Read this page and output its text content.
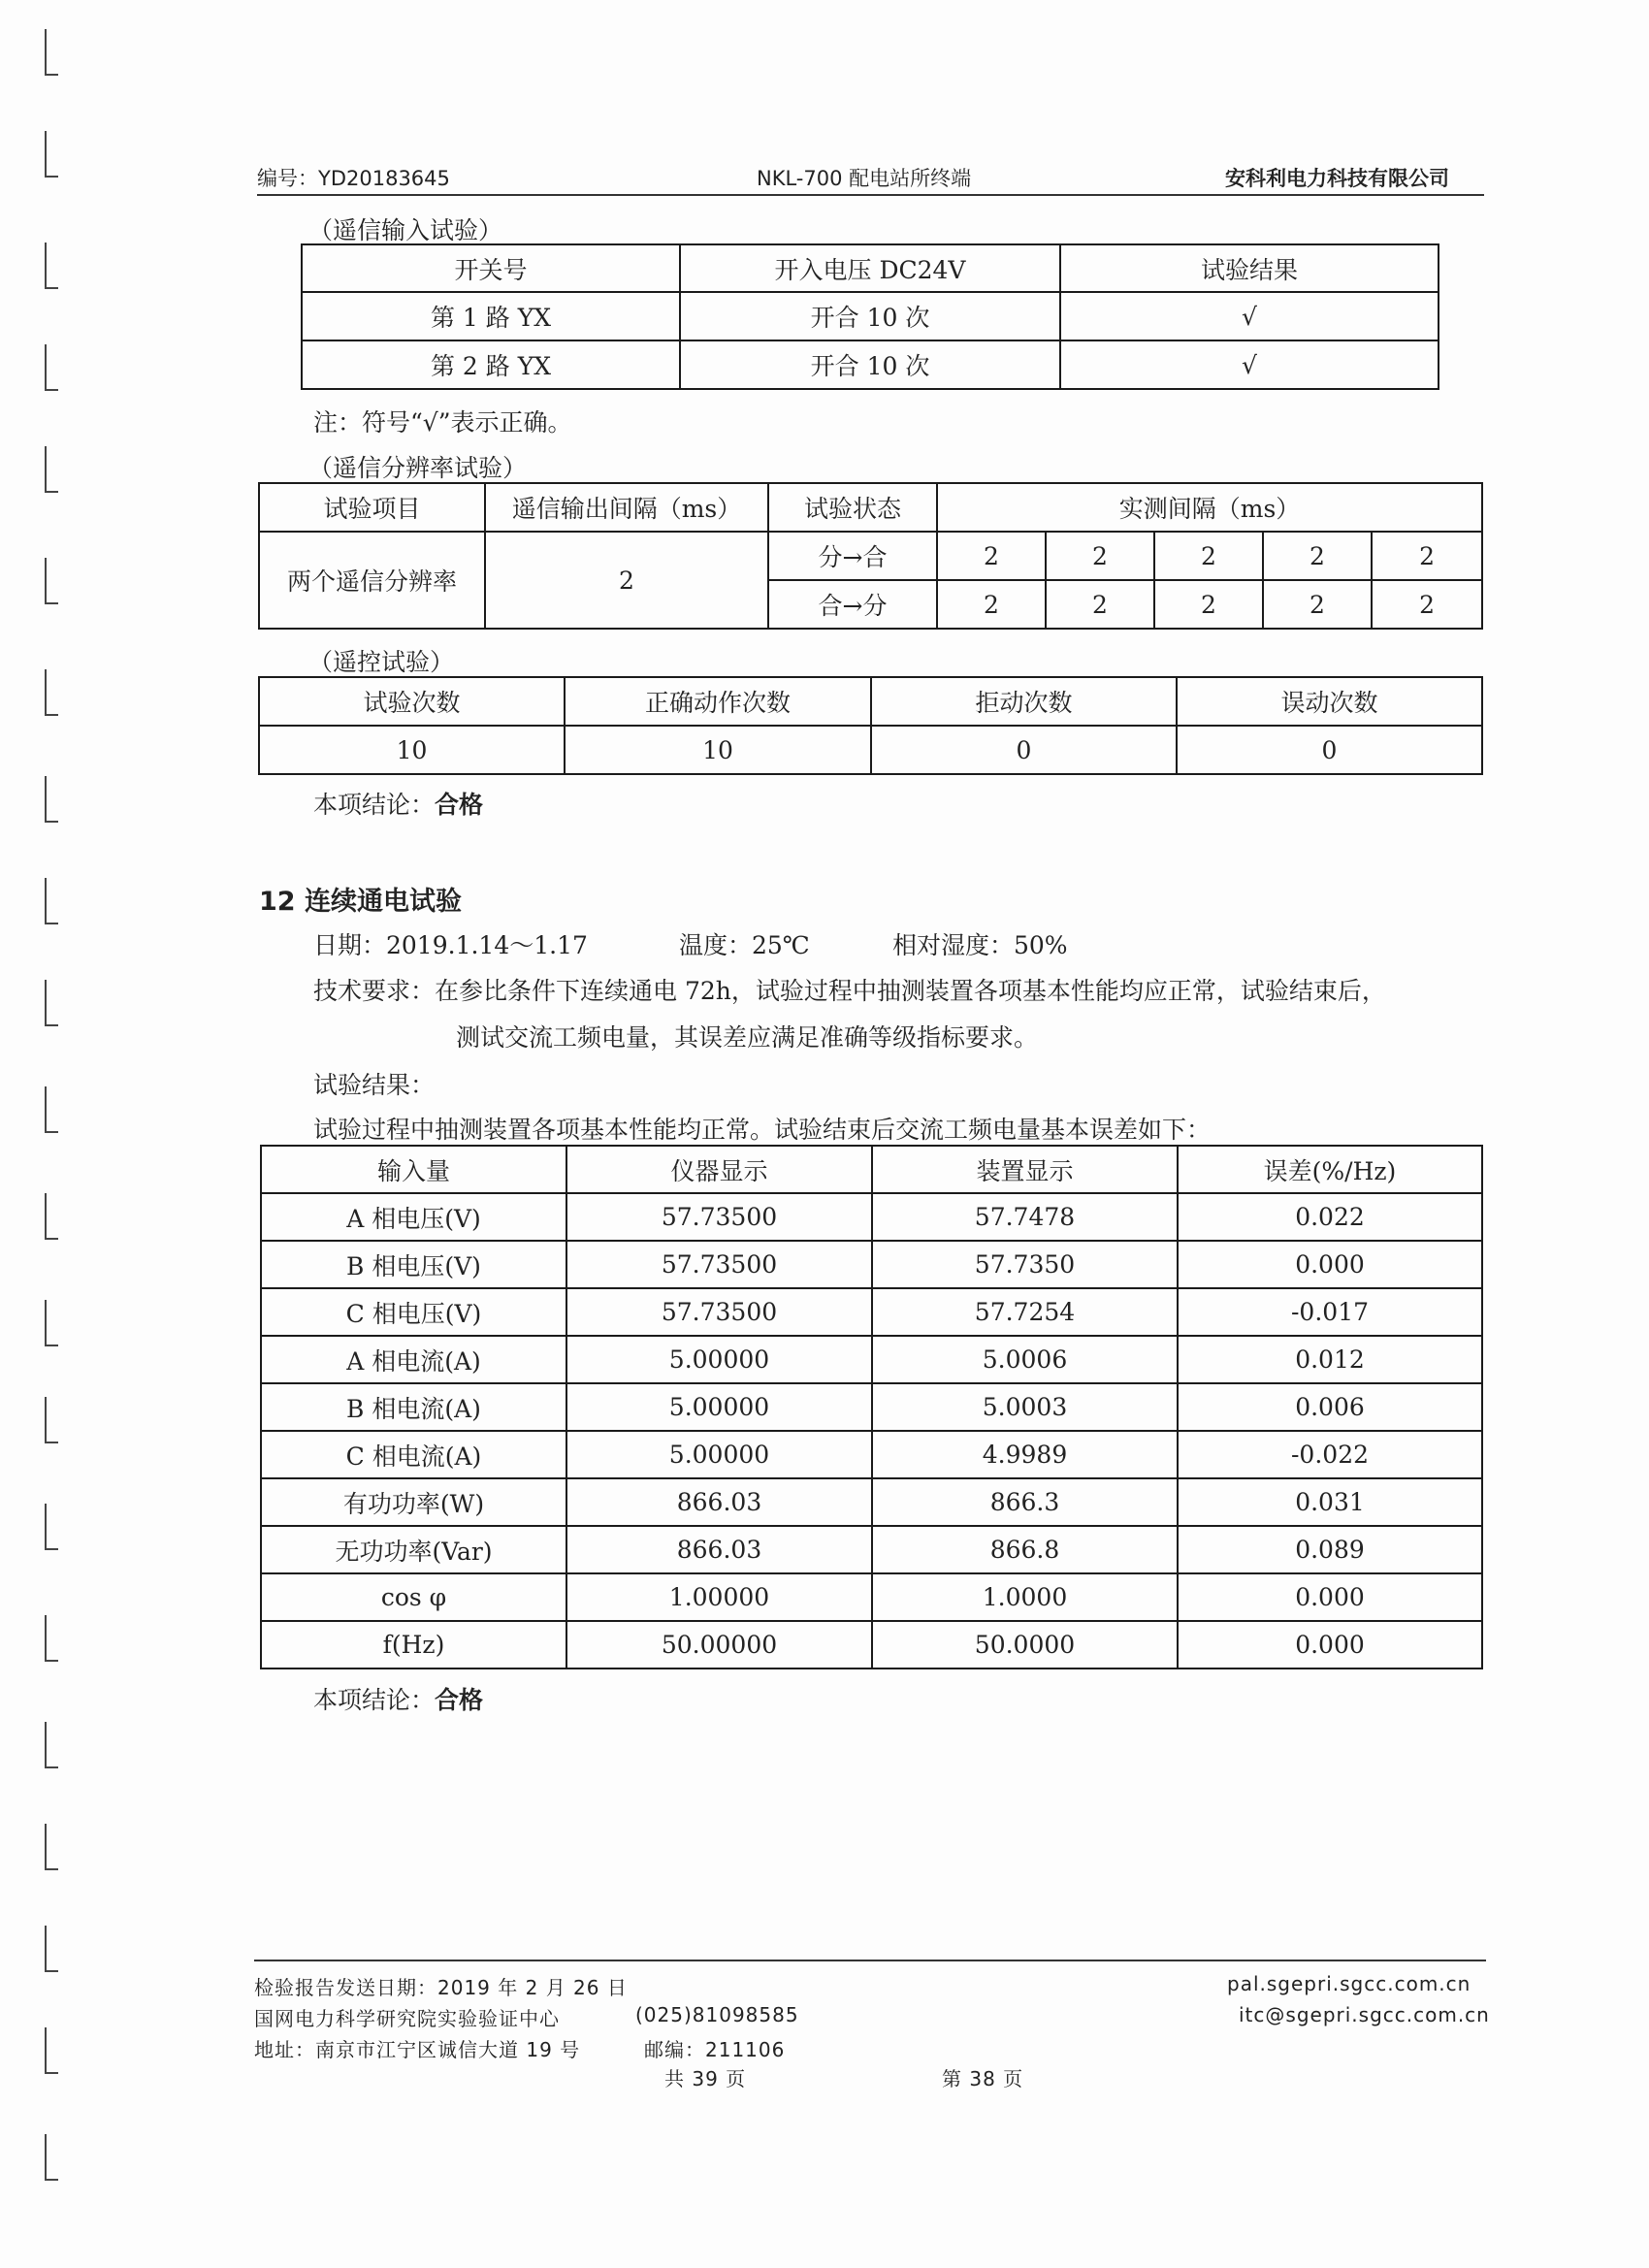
编号：YD20183645	NKL-700 配电站所终端	安科利电力科技有限公司
（遥信输入试验）
开关号	开入电压 DC24V	试验结果
第 1 路 YX	开合 10 次	√
第 2 路 YX	开合 10 次	√
注：符号“√”表示正确。
（遥信分辨率试验）
试验项目	遥信输出间隔（ms）	试验状态	实测间隔（ms）				
两个遥信分辨率	2	分→合	2	2	2	2	2
		合→分	2	2	2	2	2
（遥控试验）
试验次数	正确动作次数	拒动次数	误动次数
10	10	0	0
本项结论：合格
12 连续通电试验
日期：2019.1.14～1.17	温度：25℃	相对湿度：50%
技术要求：在参比条件下连续通电 72h，试验过程中抽测装置各项基本性能均应正常，试验结束后，
测试交流工频电量，其误差应满足准确等级指标要求。
试验结果：
试验过程中抽测装置各项基本性能均正常。试验结束后交流工频电量基本误差如下：
输入量	仪器显示	装置显示	误差(%/Hz)
A 相电压(V)	57.73500	57.7478	0.022
B 相电压(V)	57.73500	57.7350	0.000
C 相电压(V)	57.73500	57.7254	-0.017
A 相电流(A)	5.00000	5.0006	0.012
B 相电流(A)	5.00000	5.0003	0.006
C 相电流(A)	5.00000	4.9989	-0.022
有功功率(W)	866.03	866.3	0.031
无功功率(Var)	866.03	866.8	0.089
cos φ	1.00000	1.0000	0.000
f(Hz)	50.00000	50.0000	0.000
本项结论：合格
检验报告发送日期：2019 年 2 月 26 日
国网电力科学研究院实验验证中心	(025)81098585
地址：南京市江宁区诚信大道 19 号	邮编：211106
共 39 页	第 38 页
pal.sgepri.sgcc.com.cn
itc@sgepri.sgcc.com.cn
